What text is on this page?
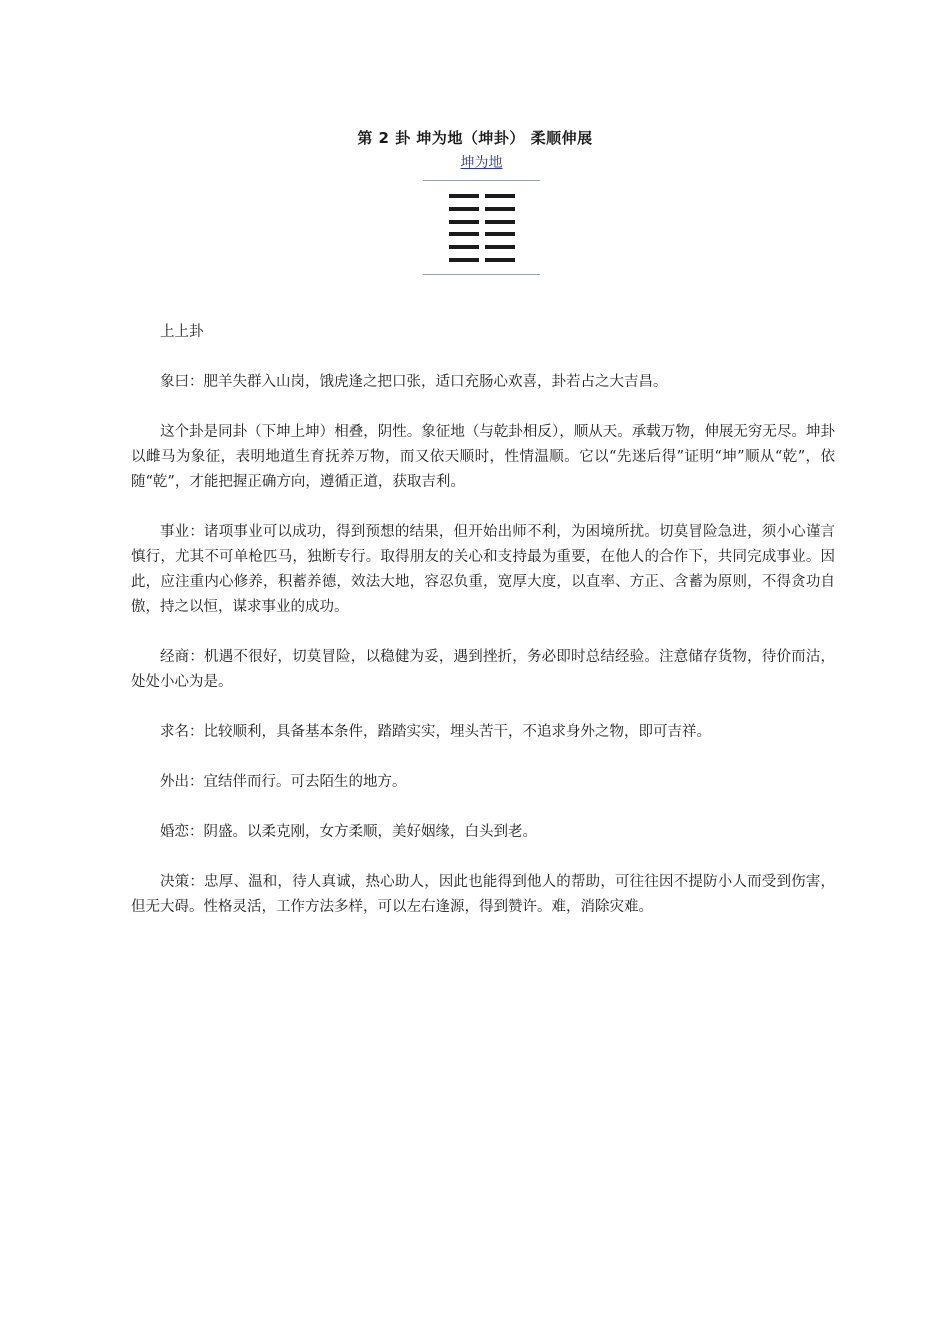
第 2 卦 坤为地（坤卦） 柔顺伸展
坤为地

上上卦

象曰：肥羊失群入山岗，饿虎逢之把口张，适口充肠心欢喜，卦若占之大吉昌。

这个卦是同卦（下坤上坤）相叠，阴性。象征地（与乾卦相反），顺从天。承载万物，伸展无穷无尽。坤卦以雌马为象征，表明地道生育抚养万物，而又依天顺时，性情温顺。它以“先迷后得”证明“坤”顺从“乾”，依随“乾”，才能把握正确方向，遵循正道，获取吉利。

事业：诸项事业可以成功，得到预想的结果，但开始出师不利，为困境所扰。切莫冒险急进，须小心谨言慎行，尤其不可单枪匹马，独断专行。取得朋友的关心和支持最为重要，在他人的合作下，共同完成事业。因此，应注重内心修养，积蓄养德，效法大地，容忍负重，宽厚大度，以直率、方正、含蓄为原则，不得贪功自傲，持之以恒，谋求事业的成功。

经商：机遇不很好，切莫冒险，以稳健为妥，遇到挫折，务必即时总结经验。注意储存货物，待价而沽，处处小心为是。

求名：比较顺利，具备基本条件，踏踏实实，埋头苦干，不追求身外之物，即可吉祥。

外出：宜结伴而行。可去陌生的地方。

婚恋：阴盛。以柔克刚，女方柔顺，美好姻缘，白头到老。

决策：忠厚、温和，待人真诚，热心助人，因此也能得到他人的帮助，可往往因不提防小人而受到伤害，但无大碍。性格灵活，工作方法多样，可以左右逢源，得到赞许。难，消除灾难。
